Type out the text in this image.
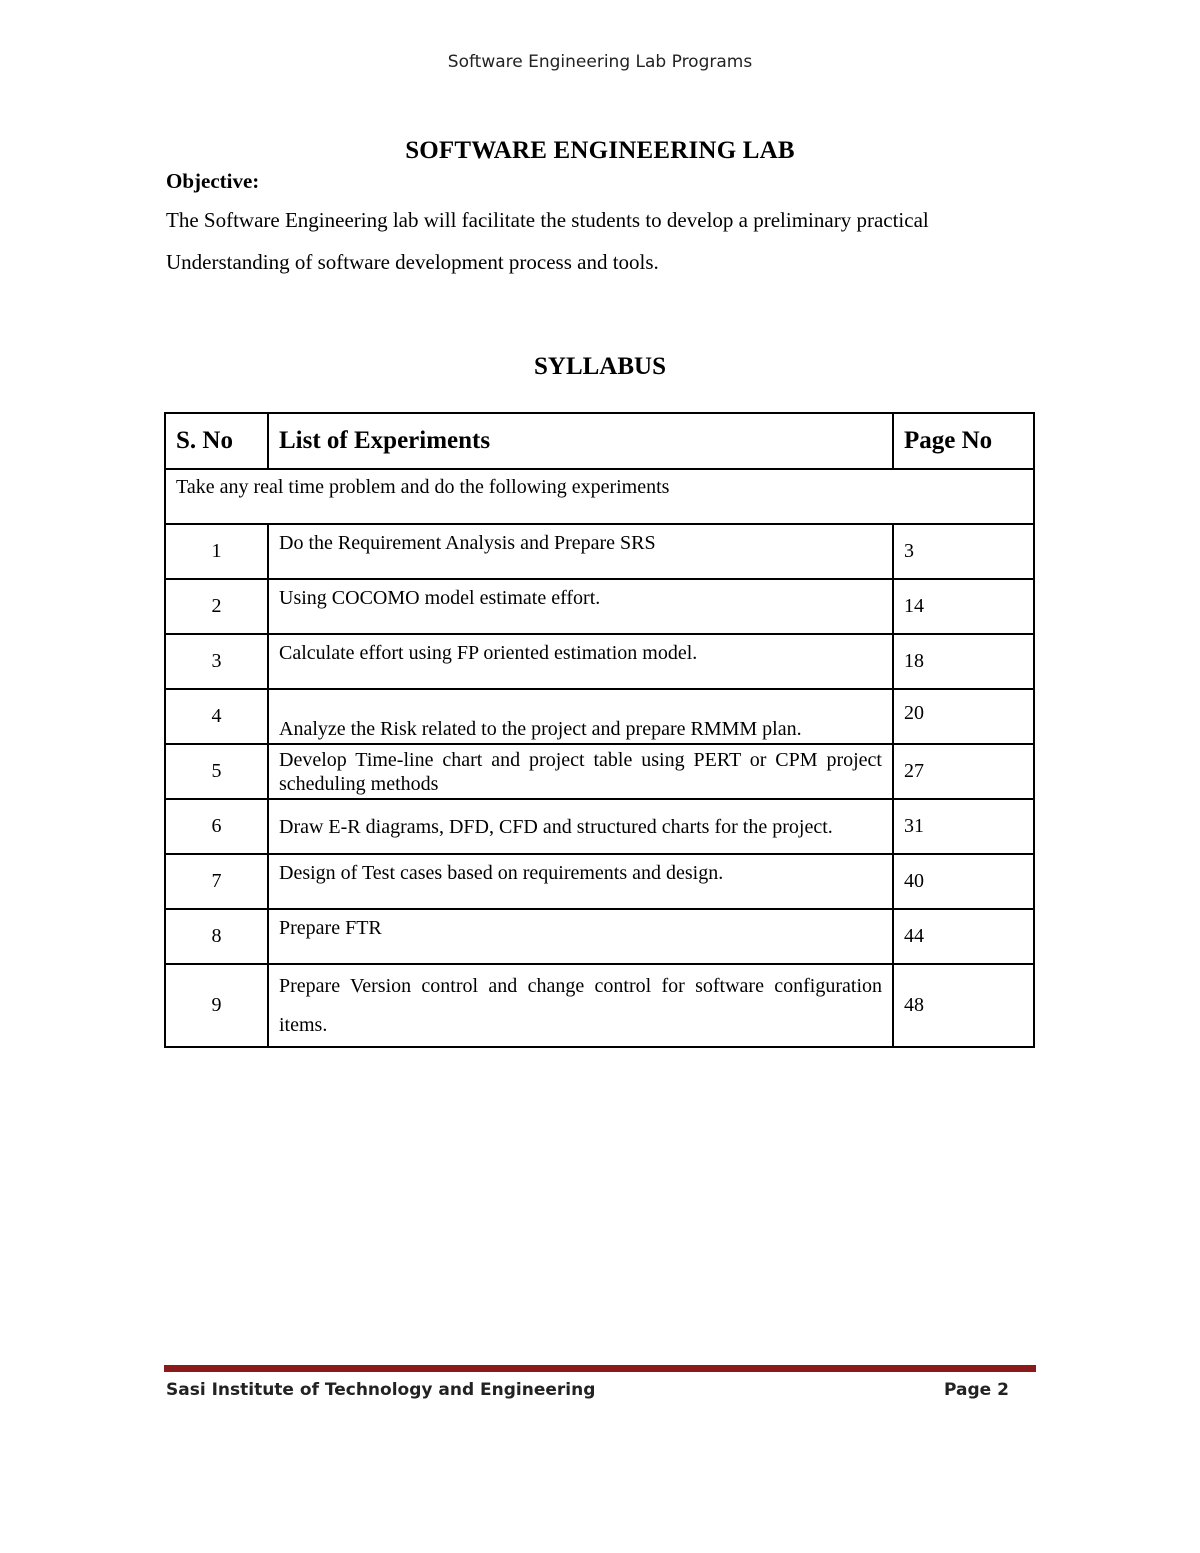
Software Engineering Lab Programs
SOFTWARE ENGINEERING LAB
Objective:
The Software Engineering lab will facilitate the students to develop a preliminary practical
Understanding of software development process and tools.
SYLLABUS
S. No	List of Experiments	Page No
Take any real time problem and do the following experiments		
1	Do the Requirement Analysis and Prepare SRS	3
2	Using COCOMO model estimate effort.	14
3	Calculate effort using FP oriented estimation model.	18
4	Analyze the Risk related to the project and prepare RMMM plan.	20
5	Develop Time-line chart and project table using PERT or CPM project scheduling methods	27
6	Draw E-R diagrams, DFD, CFD and structured charts for the project.	31
7	Design of Test cases based on requirements and design.	40
8	Prepare FTR	44
9	Prepare Version control and change control for software configuration items.	48
Sasi Institute of Technology and Engineering	Page 2
